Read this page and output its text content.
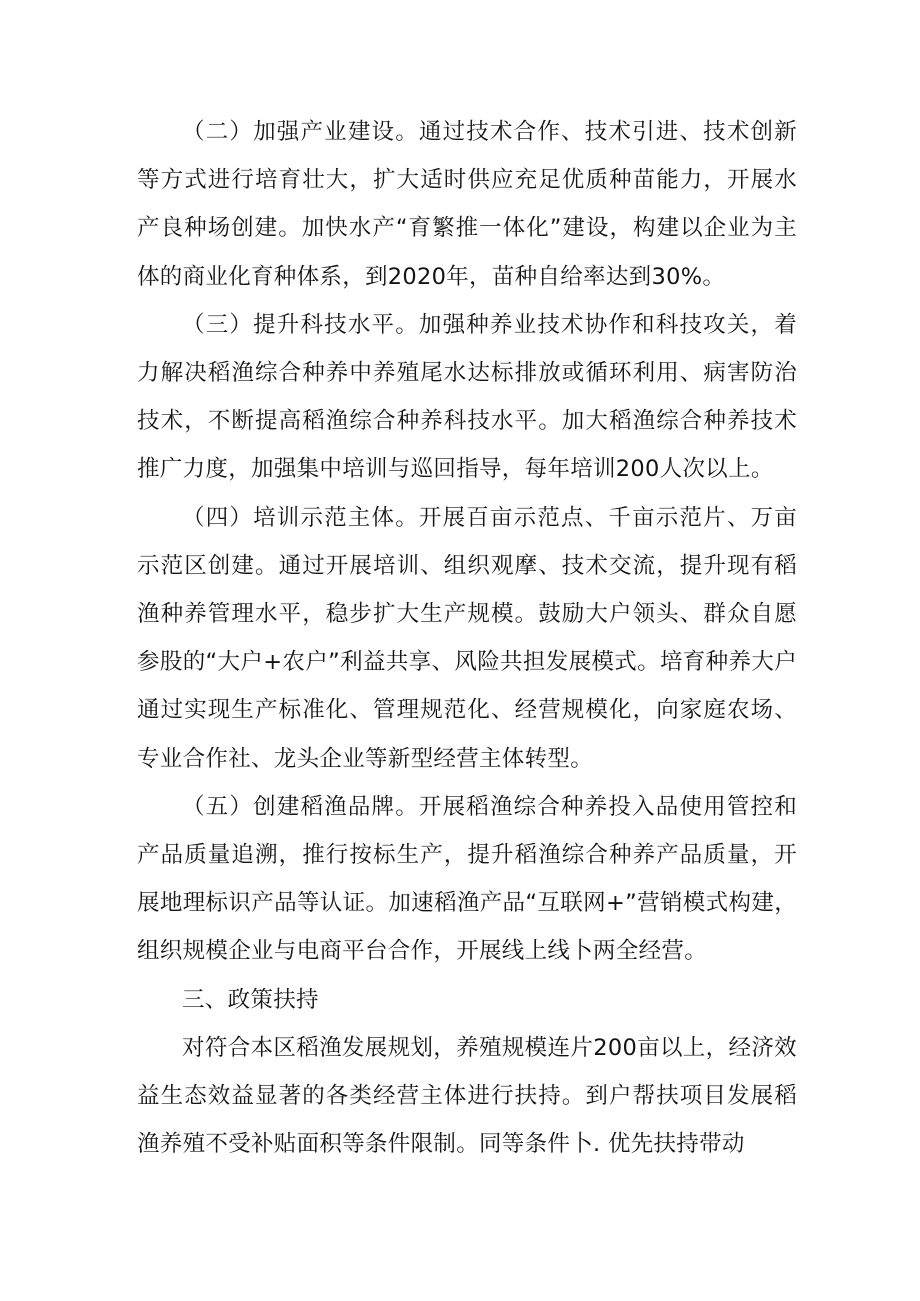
（二）加强产业建设。通过技术合作、技术引进、技术创新等方式进行培育壮大，扩大适时供应充足优质种苗能力，开展水产良种场创建。加快水产“育繁推一体化”建设，构建以企业为主体的商业化育种体系，到2020年，苗种自给率达到30%。

（三）提升科技水平。加强种养业技术协作和科技攻关，着力解决稻渔综合种养中养殖尾水达标排放或循环利用、病害防治技术，不断提高稻渔综合种养科技水平。加大稻渔综合种养技术推广力度，加强集中培训与巡回指导，每年培训200人次以上。

（四）培训示范主体。开展百亩示范点、千亩示范片、万亩示范区创建。通过开展培训、组织观摩、技术交流，提升现有稻渔种养管理水平，稳步扩大生产规模。鼓励大户领头、群众自愿参股的“大户+农户”利益共享、风险共担发展模式。培育种养大户通过实现生产标准化、管理规范化、经营规模化，向家庭农场、专业合作社、龙头企业等新型经营主体转型。

（五）创建稻渔品牌。开展稻渔综合种养投入品使用管控和产品质量追溯，推行按标生产，提升稻渔综合种养产品质量，开展地理标识产品等认证。加速稻渔产品“互联网+”营销模式构建，组织规模企业与电商平台合作，开展线上线卜两全经营。

三、政策扶持

对符合本区稻渔发展规划，养殖规模连片200亩以上，经济效益生态效益显著的各类经营主体进行扶持。到户帮扶项目发展稻渔养殖不受补贴面积等条件限制。同等条件卜. 优先扶持带动
